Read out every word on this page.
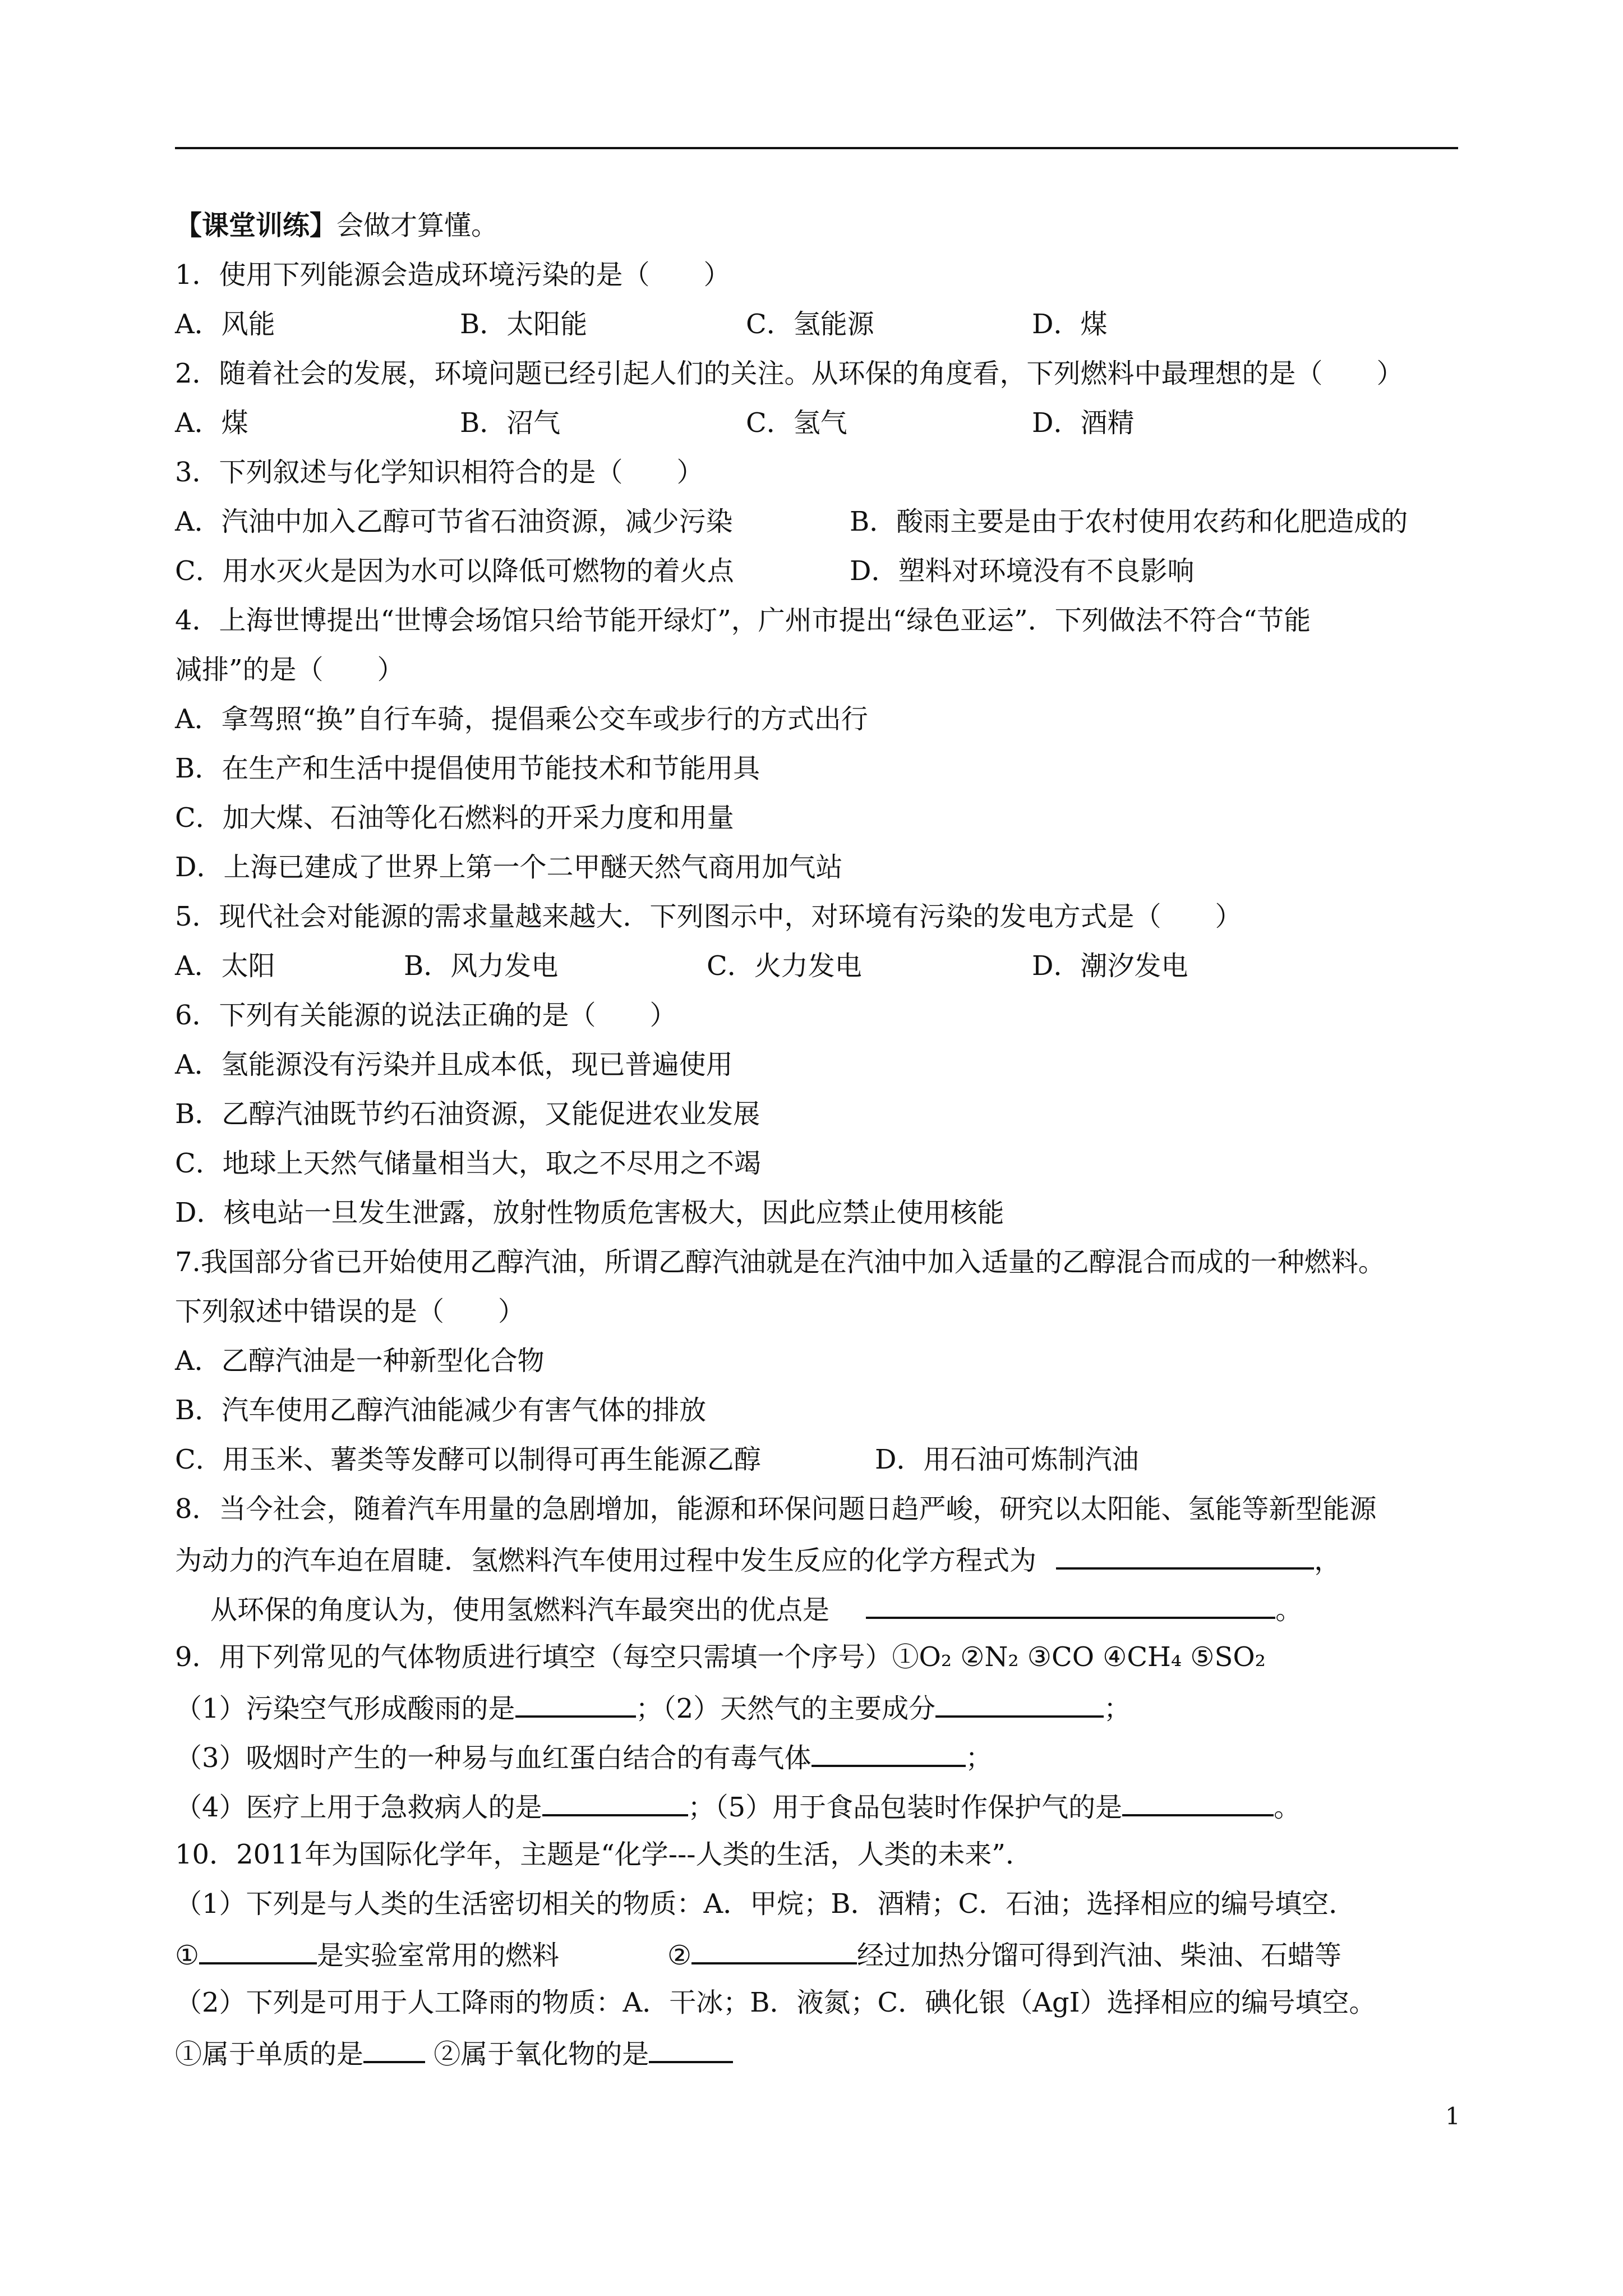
【课堂训练】会做才算懂。
1．使用下列能源会造成环境污染的是（　　）
A．风能	B．太阳能	C．氢能源	D．煤
2．随着社会的发展，环境问题已经引起人们的关注。从环保的角度看，下列燃料中最理想的是（　　）
A．煤	B．沼气	C．氢气	D．酒精
3．下列叙述与化学知识相符合的是（　　）
A．汽油中加入乙醇可节省石油资源，减少污染	B．酸雨主要是由于农村使用农药和化肥造成的
C．用水灭火是因为水可以降低可燃物的着火点	D．塑料对环境没有不良影响
4．上海世博提出“世博会场馆只给节能开绿灯”，广州市提出“绿色亚运”．下列做法不符合“节能
减排”的是（　　）
A．拿驾照“换”自行车骑，提倡乘公交车或步行的方式出行
B．在生产和生活中提倡使用节能技术和节能用具
C．加大煤、石油等化石燃料的开采力度和用量
D．上海已建成了世界上第一个二甲醚天然气商用加气站
5．现代社会对能源的需求量越来越大．下列图示中，对环境有污染的发电方式是（　　）
A．太阳	B．风力发电	C．火力发电	D．潮汐发电
6．下列有关能源的说法正确的是（　　）
A．氢能源没有污染并且成本低，现已普遍使用
B．乙醇汽油既节约石油资源，又能促进农业发展
C．地球上天然气储量相当大，取之不尽用之不竭
D．核电站一旦发生泄露，放射性物质危害极大，因此应禁止使用核能
7.我国部分省已开始使用乙醇汽油，所谓乙醇汽油就是在汽油中加入适量的乙醇混合而成的一种燃料。
下列叙述中错误的是（　　）
A．乙醇汽油是一种新型化合物
B．汽车使用乙醇汽油能减少有害气体的排放
C．用玉米、薯类等发酵可以制得可再生能源乙醇	D．用石油可炼制汽油
8．当今社会，随着汽车用量的急剧增加，能源和环保问题日趋严峻，研究以太阳能、氢能等新型能源
为动力的汽车迫在眉睫．氢燃料汽车使用过程中发生反应的化学方程式为	，
从环保的角度认为，使用氢燃料汽车最突出的优点是	。
9．用下列常见的气体物质进行填空（每空只需填一个序号）①O₂ ②N₂ ③CO ④CH₄ ⑤SO₂
（1）污染空气形成酸雨的是	；（2）天然气的主要成分	；
（3）吸烟时产生的一种易与血红蛋白结合的有毒气体	；
（4）医疗上用于急救病人的是	；（5）用于食品包装时作保护气的是	。
10．2011年为国际化学年，主题是“化学---人类的生活，人类的未来”．
（1）下列是与人类的生活密切相关的物质：A．甲烷；B．酒精；C．石油；选择相应的编号填空．
①	是实验室常用的燃料	②	经过加热分馏可得到汽油、柴油、石蜡等
（2）下列是可用于人工降雨的物质：A．干冰；B．液氮；C．碘化银（AgI）选择相应的编号填空。
①属于单质的是	②属于氧化物的是
1
